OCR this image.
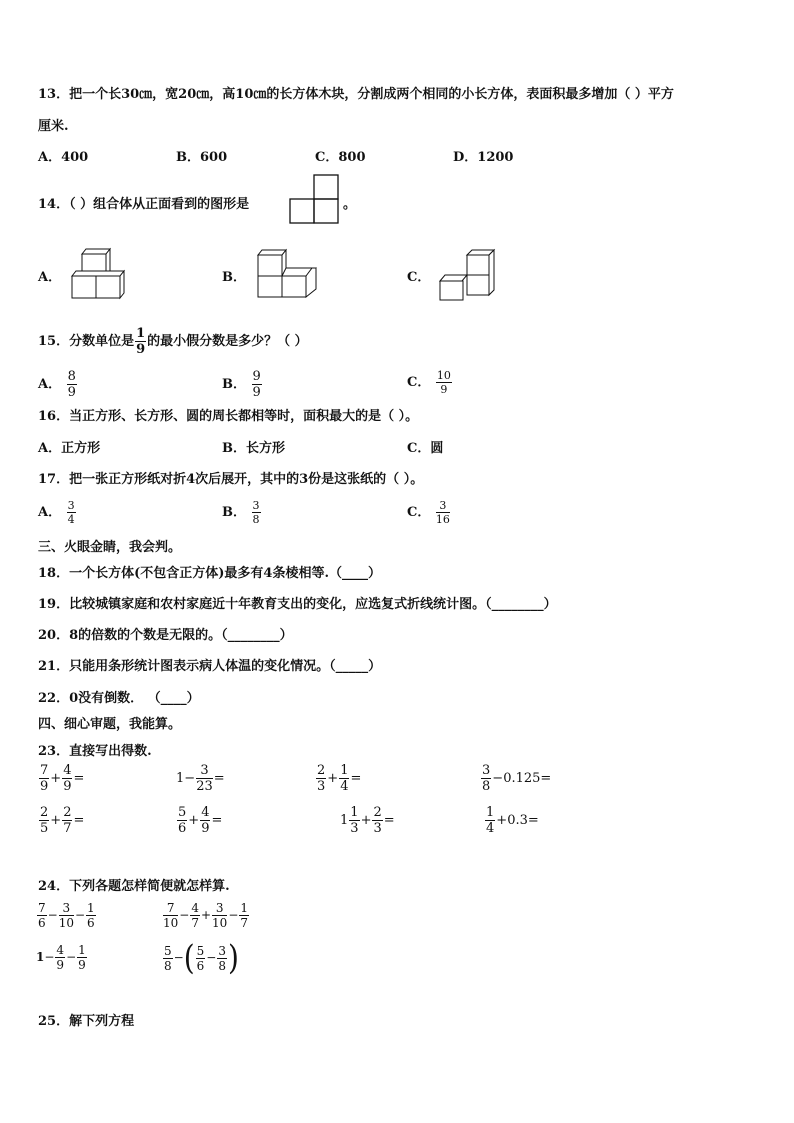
13．把一个长30㎝，宽20㎝，高10㎝的长方体木块，分割成两个相同的小长方体，表面积最多增加（ ）平方
厘米.
A．400	B．600	C．800	D．1200
14．（ ）组合体从正面看到的图形是	。
A．	B．	C．
15．分数单位是 $\frac{1}{9}$ 的最小假分数是多少？（ ）
A． $\frac{8}{9}$	B． $\frac{9}{9}$	C． $\frac{10}{9}$
16．当正方形、长方形、圆的周长都相等时，面积最大的是（ ）。
A．正方形	B．长方形	C．圆
17．把一张正方形纸对折4次后展开，其中的3份是这张纸的（ ）。
A． $\frac{3}{4}$	B． $\frac{3}{8}$	C． $\frac{3}{16}$
三、火眼金睛，我会判。
18．一个长方体(不包含正方体)最多有4条棱相等.（____）
19．比较城镇家庭和农村家庭近十年教育支出的变化，应选复式折线统计图。（________）
20．8的倍数的个数是无限的。（________）
21．只能用条形统计图表示病人体温的变化情况。（_____）
22．0没有倒数． （____）
四、细心审题，我能算。
23．直接写出得数.
$\frac{7}{9} + \frac{4}{9}$ =	$1- \frac{3}{23}$ =	$\frac{2}{3} + \frac{1}{4}$ =	$\frac{3}{8} -0.125=$
$\frac{2}{5} + \frac{2}{7}$ =	$\frac{5}{6} + \frac{4}{9}$ =	$1 \frac{1}{3} + \frac{2}{3}$ =	$\frac{1}{4} +0.3=$
24．下列各题怎样简便就怎样算.
$\frac{7}{6} - \frac{3}{10} - \frac{1}{6}$	$\frac{7}{10} - \frac{4}{7} + \frac{3}{10} - \frac{1}{7}$
$1- \frac{4}{9} - \frac{1}{9}$	$\frac{5}{8}$ −( $\frac{5}{6} - \frac{3}{8}$ )
25．解下列方程
